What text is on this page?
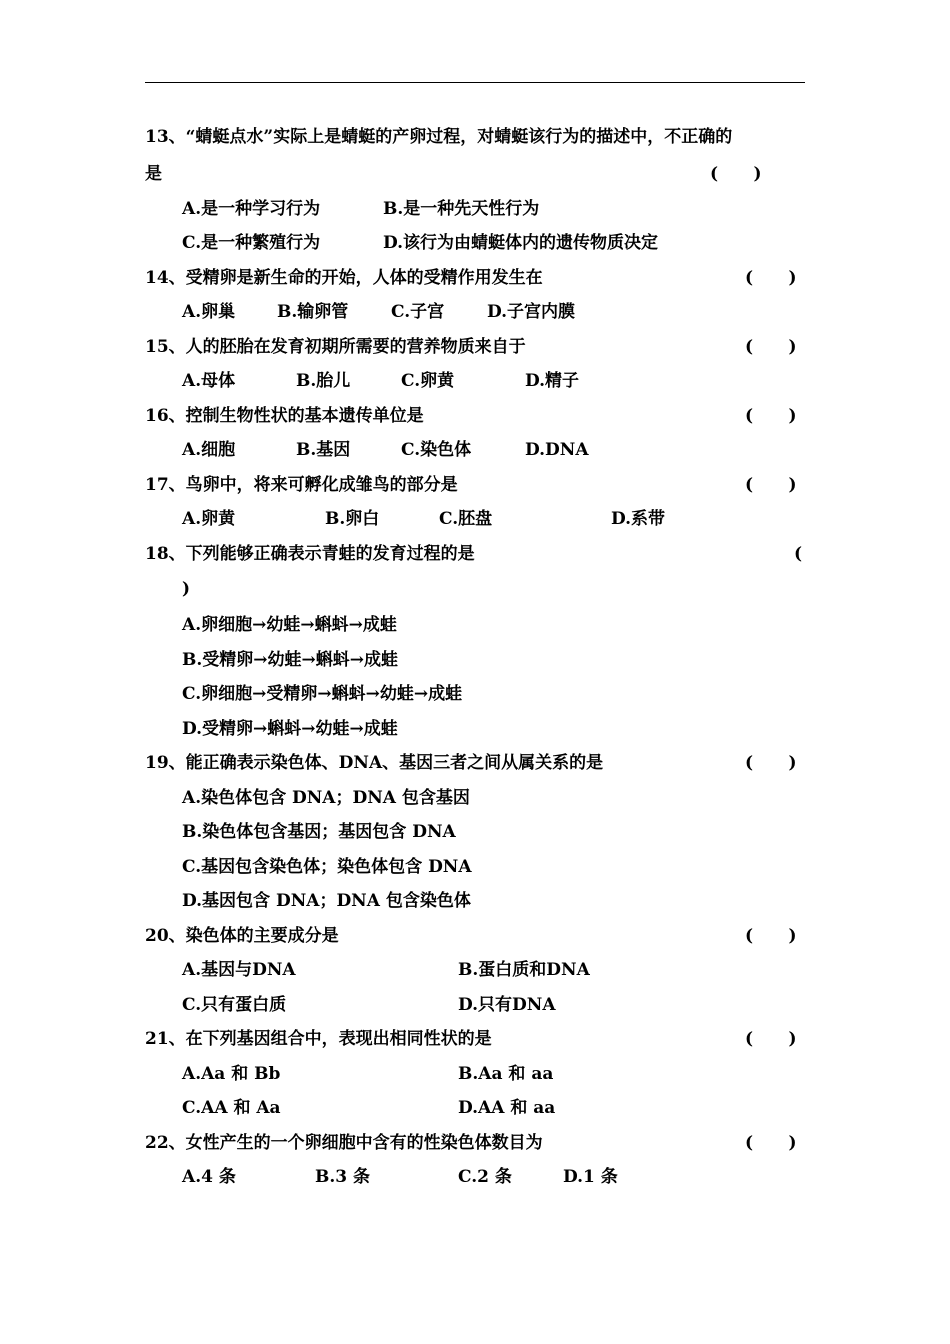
13、“蜻蜓点水”实际上是蜻蜓的产卵过程，对蜻蜓该行为的描述中，不正确的
是	(      )
A.是一种学习行为	B.是一种先天性行为
C.是一种繁殖行为	D.该行为由蜻蜓体内的遗传物质决定
14、受精卵是新生命的开始，人体的受精作用发生在	(      )
A.卵巢 B.输卵管	C.子宫	D.子宫内膜
15、人的胚胎在发育初期所需要的营养物质来自于	(      )
A.母体	B.胎儿	C.卵黄	D.精子
16、控制生物性状的基本遗传单位是	(      )
A.细胞	B.基因	C.染色体	D.DNA
17、鸟卵中，将来可孵化成雏鸟的部分是	(      )
A.卵黄	B.卵白	C.胚盘	D.系带
18、下列能够正确表示青蛙的发育过程的是	(
)
A.卵细胞→幼蛙→蝌蚪→成蛙
B.受精卵→幼蛙→蝌蚪→成蛙
C.卵细胞→受精卵→蝌蚪→幼蛙→成蛙
D.受精卵→蝌蚪→幼蛙→成蛙
19、能正确表示染色体、DNA、基因三者之间从属关系的是	(      )
A.染色体包含 DNA；DNA 包含基因
B.染色体包含基因；基因包含 DNA
C.基因包含染色体；染色体包含 DNA
D.基因包含 DNA；DNA 包含染色体
20、染色体的主要成分是	(      )
A.基因与DNA	B.蛋白质和DNA
C.只有蛋白质	D.只有DNA
21、在下列基因组合中，表现出相同性状的是	(      )
A.Aa 和 Bb	B.Aa 和 aa
C.AA 和 Aa	D.AA 和 aa
22、女性产生的一个卵细胞中含有的性染色体数目为	(      )
A.4 条	B.3 条	C.2 条	D.1 条
